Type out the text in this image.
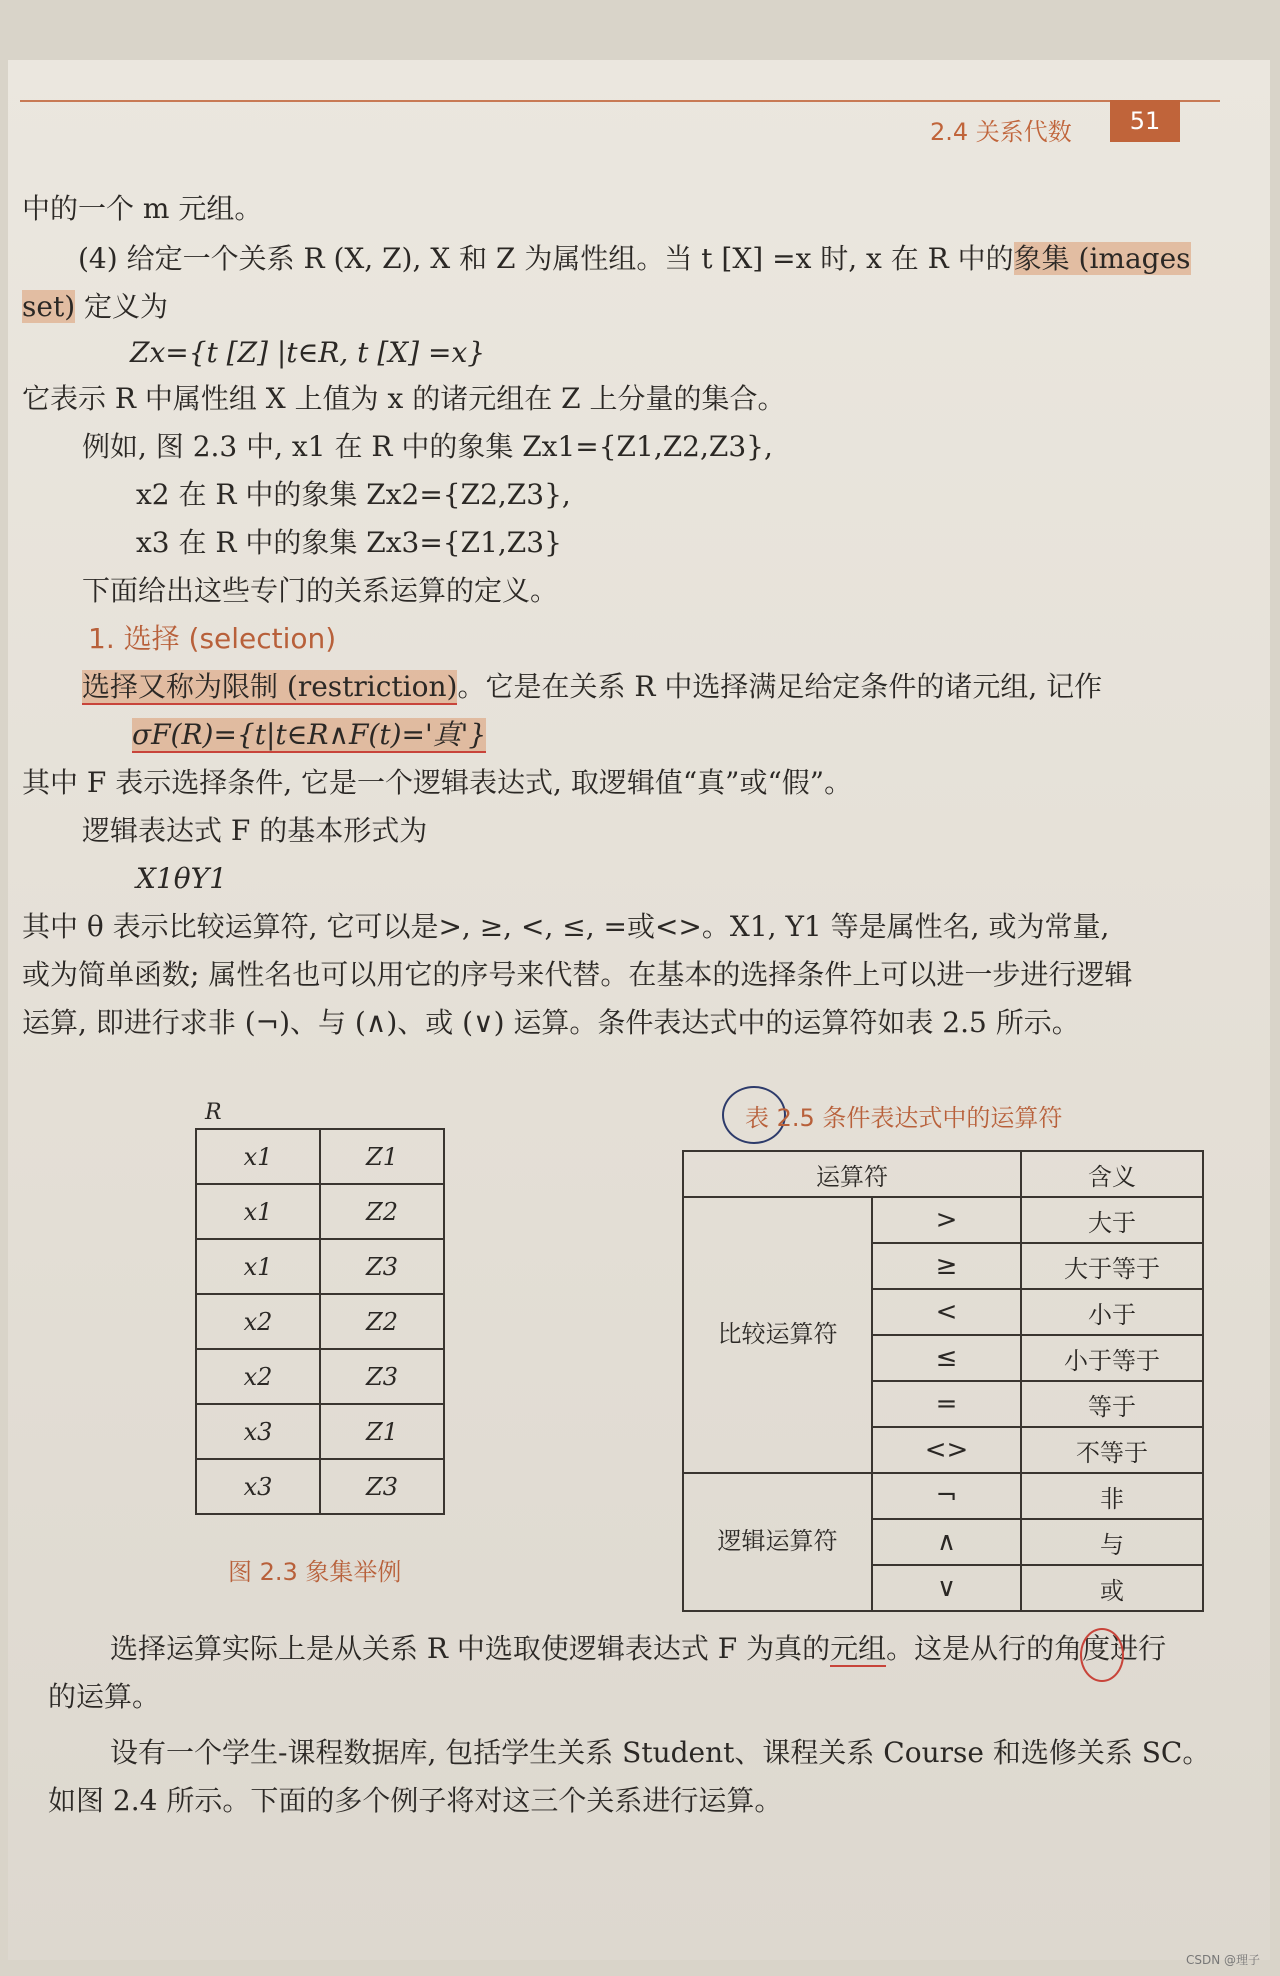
2.4 关系代数	51
中的一个 m 元组。
(4) 给定一个关系 R (X, Z), X 和 Z 为属性组。当 t [X] =x 时, x 在 R 中的象集 (images
set) 定义为
Zx={t [Z] |t∈R, t [X] =x}
它表示 R 中属性组 X 上值为 x 的诸元组在 Z 上分量的集合。
例如, 图 2.3 中, x1 在 R 中的象集 Zx1={Z1,Z2,Z3},
x2 在 R 中的象集 Zx2={Z2,Z3},
x3 在 R 中的象集 Zx3={Z1,Z3}
下面给出这些专门的关系运算的定义。
1. 选择 (selection)
选择又称为限制 (restriction)。它是在关系 R 中选择满足给定条件的诸元组, 记作
σF(R)={t|t∈R∧F(t)='真'}
其中 F 表示选择条件, 它是一个逻辑表达式, 取逻辑值“真”或“假”。
逻辑表达式 F 的基本形式为
X1θY1
其中 θ 表示比较运算符, 它可以是>, ≥, <, ≤, =或<>。X1, Y1 等是属性名, 或为常量,
或为简单函数; 属性名也可以用它的序号来代替。在基本的选择条件上可以进一步进行逻辑
运算, 即进行求非 (¬)、与 (∧)、或 (∨) 运算。条件表达式中的运算符如表 2.5 所示。
R
x1	Z1
x1	Z2
x1	Z3
x2	Z2
x2	Z3
x3	Z1
x3	Z3
图 2.3 象集举例
表 2.5 条件表达式中的运算符
运算符		含义
比较运算符	>	大于
	≥	大于等于
	<	小于
	≤	小于等于
	=	等于
	<>	不等于
逻辑运算符	¬	非
	∧	与
	∨	或
选择运算实际上是从关系 R 中选取使逻辑表达式 F 为真的元组。这是从行的角度进行
的运算。
设有一个学生-课程数据库, 包括学生关系 Student、课程关系 Course 和选修关系 SC。
如图 2.4 所示。下面的多个例子将对这三个关系进行运算。
CSDN @理子
